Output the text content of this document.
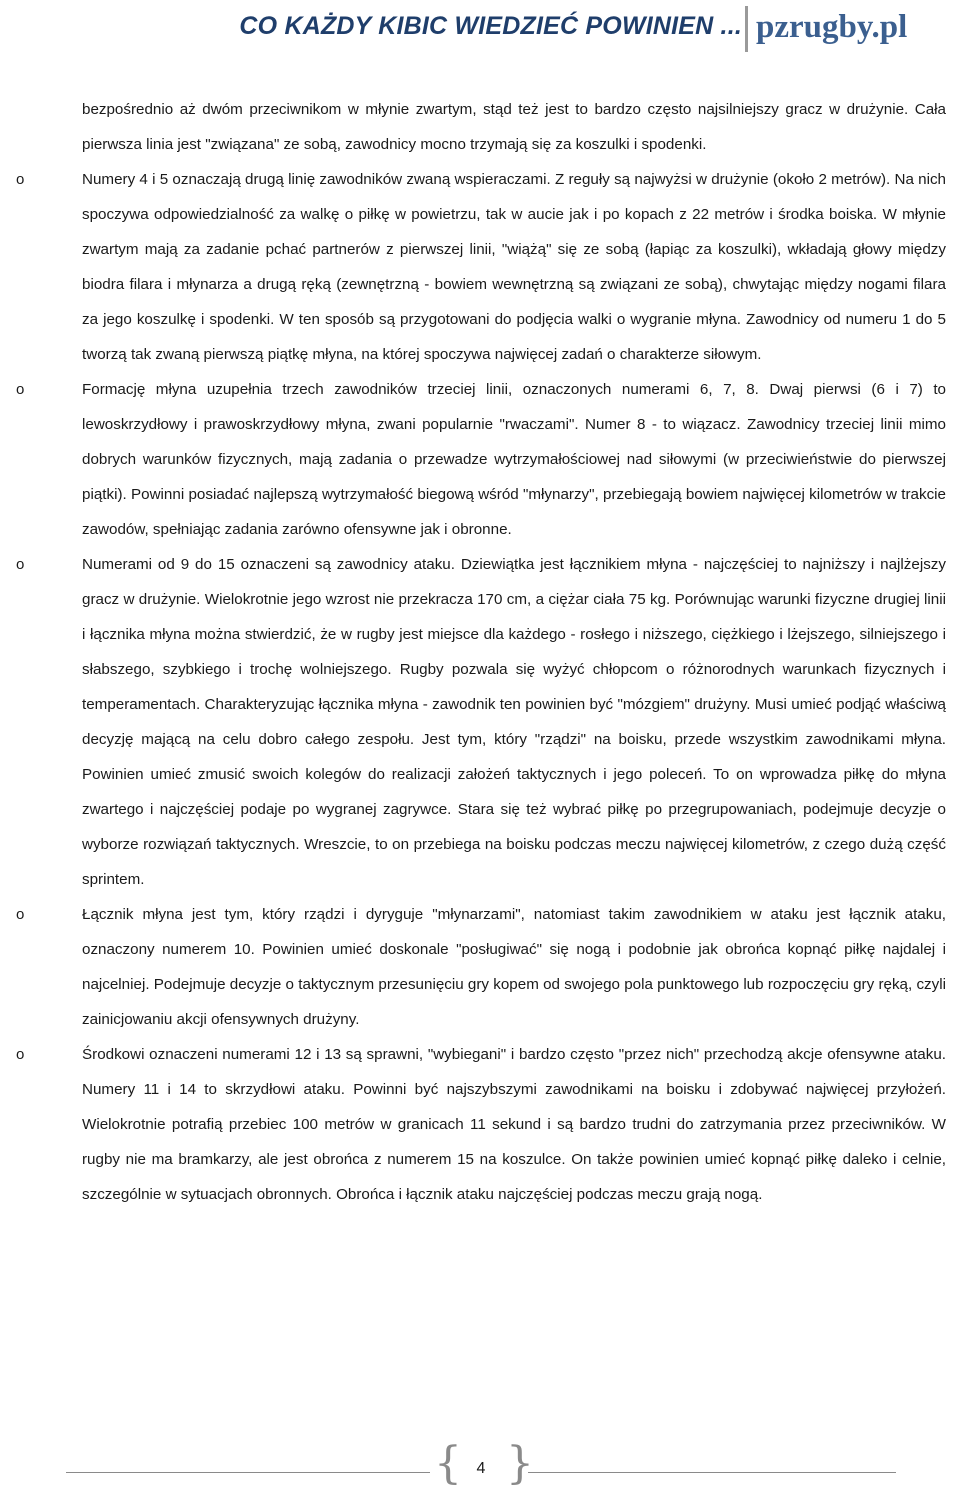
CO KAŻDY KIBIC WIEDZIEĆ POWINIEN ... pzrugby.pl
bezpośrednio aż dwóm przeciwnikom w młynie zwartym, stąd też jest to bardzo często najsilniejszy gracz w drużynie. Cała pierwsza linia jest "związana" ze sobą, zawodnicy mocno trzymają się za koszulki i spodenki.
o	Numery 4 i 5 oznaczają drugą linię zawodników zwaną wspieraczami. Z reguły są najwyżsi w drużynie (około 2 metrów). Na nich spoczywa odpowiedzialność za walkę o piłkę w powietrzu, tak w aucie jak i po kopach z 22 metrów i środka boiska. W młynie zwartym mają za zadanie pchać partnerów z pierwszej linii, "wiążą" się ze sobą (łapiąc za koszulki), wkładają głowy między biodra filara i młynarza a drugą ręką (zewnętrzną - bowiem wewnętrzną są związani ze sobą), chwytając między nogami filara za jego koszulkę i spodenki. W ten sposób są przygotowani do podjęcia walki o wygranie młyna. Zawodnicy od numeru 1 do 5 tworzą tak zwaną pierwszą piątkę młyna, na której spoczywa najwięcej zadań o charakterze siłowym.
o	Formację młyna uzupełnia trzech zawodników trzeciej linii, oznaczonych numerami 6, 7, 8. Dwaj pierwsi (6 i 7) to lewoskrzydłowy i prawoskrzydłowy młyna, zwani popularnie "rwaczami". Numer 8 - to wiązacz. Zawodnicy trzeciej linii mimo dobrych warunków fizycznych, mają zadania o przewadze wytrzymałościowej nad siłowymi (w przeciwieństwie do pierwszej piątki). Powinni posiadać najlepszą wytrzymałość biegową wśród "młynarzy", przebiegają bowiem najwięcej kilometrów w trakcie zawodów, spełniając zadania zarówno ofensywne jak i obronne.
o	Numerami od 9 do 15 oznaczeni są zawodnicy ataku. Dziewiątka jest łącznikiem młyna - najczęściej to najniższy i najlżejszy gracz w drużynie. Wielokrotnie jego wzrost nie przekracza 170 cm, a ciężar ciała 75 kg. Porównując warunki fizyczne drugiej linii i łącznika młyna można stwierdzić, że w rugby jest miejsce dla każdego - rosłego i niższego, ciężkiego i lżejszego, silniejszego i słabszego, szybkiego i trochę wolniejszego. Rugby pozwala się wyżyć chłopcom o różnorodnych warunkach fizycznych i temperamentach. Charakteryzując łącznika młyna - zawodnik ten powinien być "mózgiem" drużyny. Musi umieć podjąć właściwą decyzję mającą na celu dobro całego zespołu. Jest tym, który "rządzi" na boisku, przede wszystkim zawodnikami młyna. Powinien umieć zmusić swoich kolegów do realizacji założeń taktycznych i jego poleceń. To on wprowadza piłkę do młyna zwartego i najczęściej podaje po wygranej zagrywce. Stara się też wybrać piłkę po przegrupowaniach, podejmuje decyzje o wyborze rozwiązań taktycznych. Wreszcie, to on przebiega na boisku podczas meczu najwięcej kilometrów, z czego dużą część sprintem.
o	Łącznik młyna jest tym, który rządzi i dyryguje "młynarzami", natomiast takim zawodnikiem w ataku jest łącznik ataku, oznaczony numerem 10. Powinien umieć doskonale "posługiwać" się nogą i podobnie jak obrońca kopnąć piłkę najdalej i najcelniej. Podejmuje decyzje o taktycznym przesunięciu gry kopem od swojego pola punktowego lub rozpoczęciu gry ręką, czyli zainicjowaniu akcji ofensywnych drużyny.
o	Środkowi oznaczeni numerami 12 i 13 są sprawni, "wybiegani" i bardzo często "przez nich" przechodzą akcje ofensywne ataku. Numery 11 i 14 to skrzydłowi ataku. Powinni być najszybszymi zawodnikami na boisku i zdobywać najwięcej przyłożeń. Wielokrotnie potrafią przebiec 100 metrów w granicach 11 sekund i są bardzo trudni do zatrzymania przez przeciwników. W rugby nie ma bramkarzy, ale jest obrońca z numerem 15 na koszulce. On także powinien umieć kopnąć piłkę daleko i celnie, szczególnie w sytuacjach obronnych. Obrońca i łącznik ataku najczęściej podczas meczu grają nogą.
{ }
4
